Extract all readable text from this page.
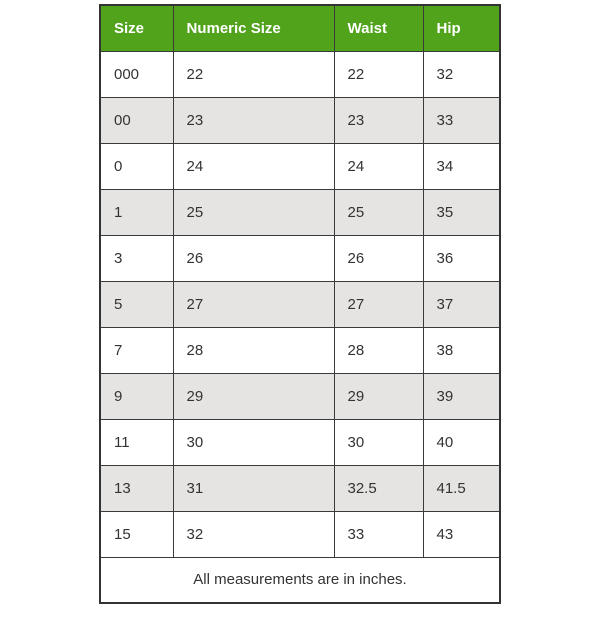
Size	Numeric Size	Waist	Hip
000	22	22	32
00	23	23	33
0	24	24	34
1	25	25	35
3	26	26	36
5	27	27	37
7	28	28	38
9	29	29	39
11	30	30	40
13	31	32.5	41.5
15	32	33	43
All measurements are in inches.			
